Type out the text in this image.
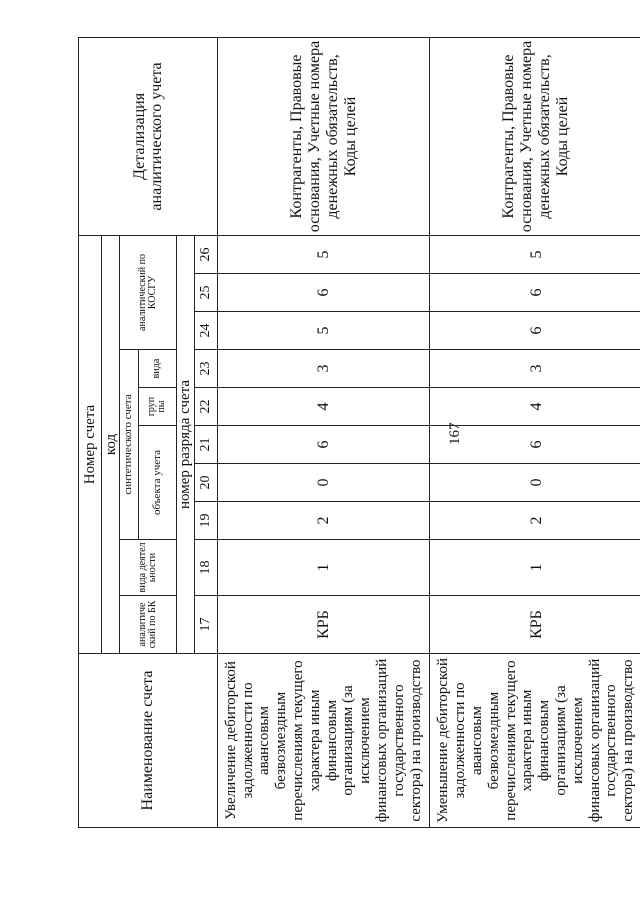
167
Наименование счета	Номер счета										Детализация аналитического учета
	код										
	аналитиче ский по БК	вида деятел ьности	синтетического счета					аналитический по КОСГУ			
			объекта учета			груп пы	вида				
	номер разряда счета										
	17	18	19	20	21	22	23	24	25	26	
Увеличение дебиторской задолженности по авансовым безвозмездным перечислениям текущего характера иным финансовым организациям (за исключением финансовых организаций государственного сектора) на производство	КРБ	1	2	0	6	4	3	5	6	5	Контрагенты, Правовые основания, Учетные номера денежных обязательств, Коды целей
Уменьшение дебиторской задолженности по авансовым безвозмездным перечислениям текущего характера иным финансовым организациям (за исключением финансовых организаций государственного сектора) на производство	КРБ	1	2	0	6	4	3	6	6	5	Контрагенты, Правовые основания, Учетные номера денежных обязательств, Коды целей
